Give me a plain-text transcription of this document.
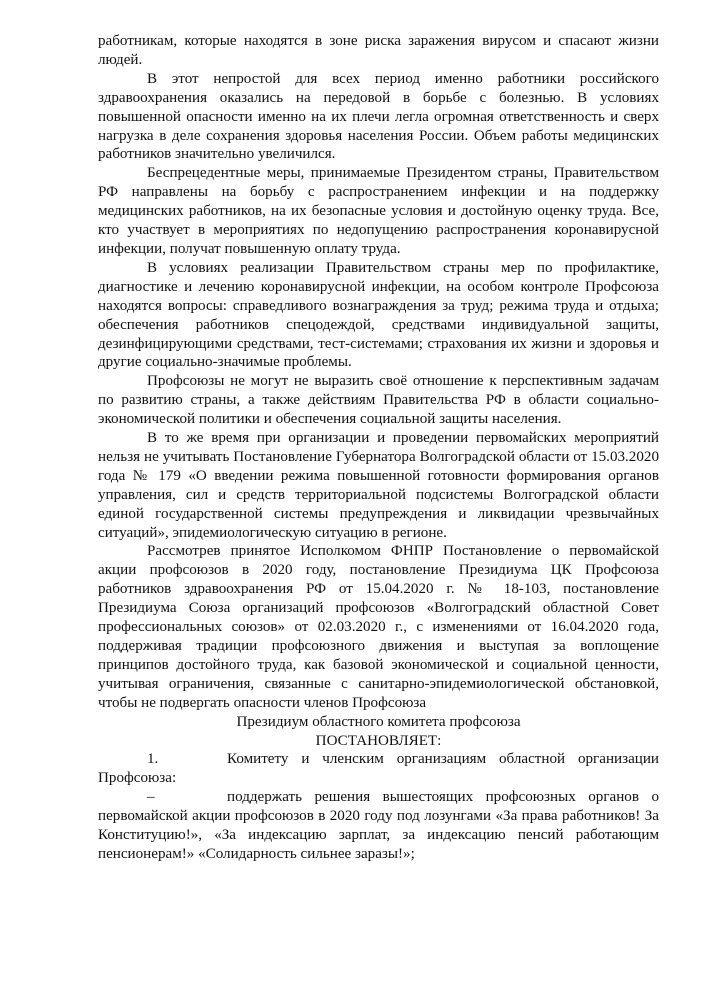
работникам, которые находятся в зоне риска заражения вирусом и спасают жизни людей.

В этот непростой для всех период именно работники российского здравоохранения оказались на передовой в борьбе с болезнью. В условиях повышенной опасности именно на их плечи легла огромная ответственность и сверх нагрузка в деле сохранения здоровья населения России. Объем работы медицинских работников значительно увеличился.

Беспрецедентные меры, принимаемые Президентом страны, Правительством РФ направлены на борьбу с распространением инфекции и на поддержку медицинских работников, на их безопасные условия и достойную оценку труда. Все, кто участвует в мероприятиях по недопущению распространения коронавирусной инфекции, получат повышенную оплату труда.

В условиях реализации Правительством страны мер по профилактике, диагностике и лечению коронавирусной инфекции, на особом контроле Профсоюза находятся вопросы: справедливого вознаграждения за труд; режима труда и отдыха; обеспечения работников спецодеждой, средствами индивидуальной защиты, дезинфицирующими средствами, тест-системами; страхования их жизни и здоровья и другие социально-значимые проблемы.

Профсоюзы не могут не выразить своё отношение к перспективным задачам по развитию страны, а также действиям Правительства РФ в области социально-экономической политики и обеспечения социальной защиты населения.

В то же время при организации и проведении первомайских мероприятий нельзя не учитывать Постановление Губернатора Волгоградской области от 15.03.2020 года № 179 «О введении режима повышенной готовности формирования органов управления, сил и средств территориальной подсистемы Волгоградской области единой государственной системы предупреждения и ликвидации чрезвычайных ситуаций», эпидемиологическую ситуацию в регионе.

Рассмотрев принятое Исполкомом ФНПР Постановление о первомайской акции профсоюзов в 2020 году, постановление Президиума ЦК Профсоюза работников здравоохранения РФ от 15.04.2020 г. № 18-103, постановление Президиума Союза организаций профсоюзов «Волгоградский областной Совет профессиональных союзов» от 02.03.2020 г., с изменениями от 16.04.2020 года, поддерживая традиции профсоюзного движения и выступая за воплощение принципов достойного труда, как базовой экономической и социальной ценности, учитывая ограничения, связанные с санитарно-эпидемиологической обстановкой, чтобы не подвергать опасности членов Профсоюза

Президиум областного комитета профсоюза

ПОСТАНОВЛЯЕТ:

1.	Комитету и членским организациям областной организации Профсоюза:

–	поддержать решения вышестоящих профсоюзных органов о первомайской акции профсоюзов в 2020 году под лозунгами «За права работников! За Конституцию!», «За индексацию зарплат, за индексацию пенсий работающим пенсионерам!» «Солидарность сильнее заразы!»;
